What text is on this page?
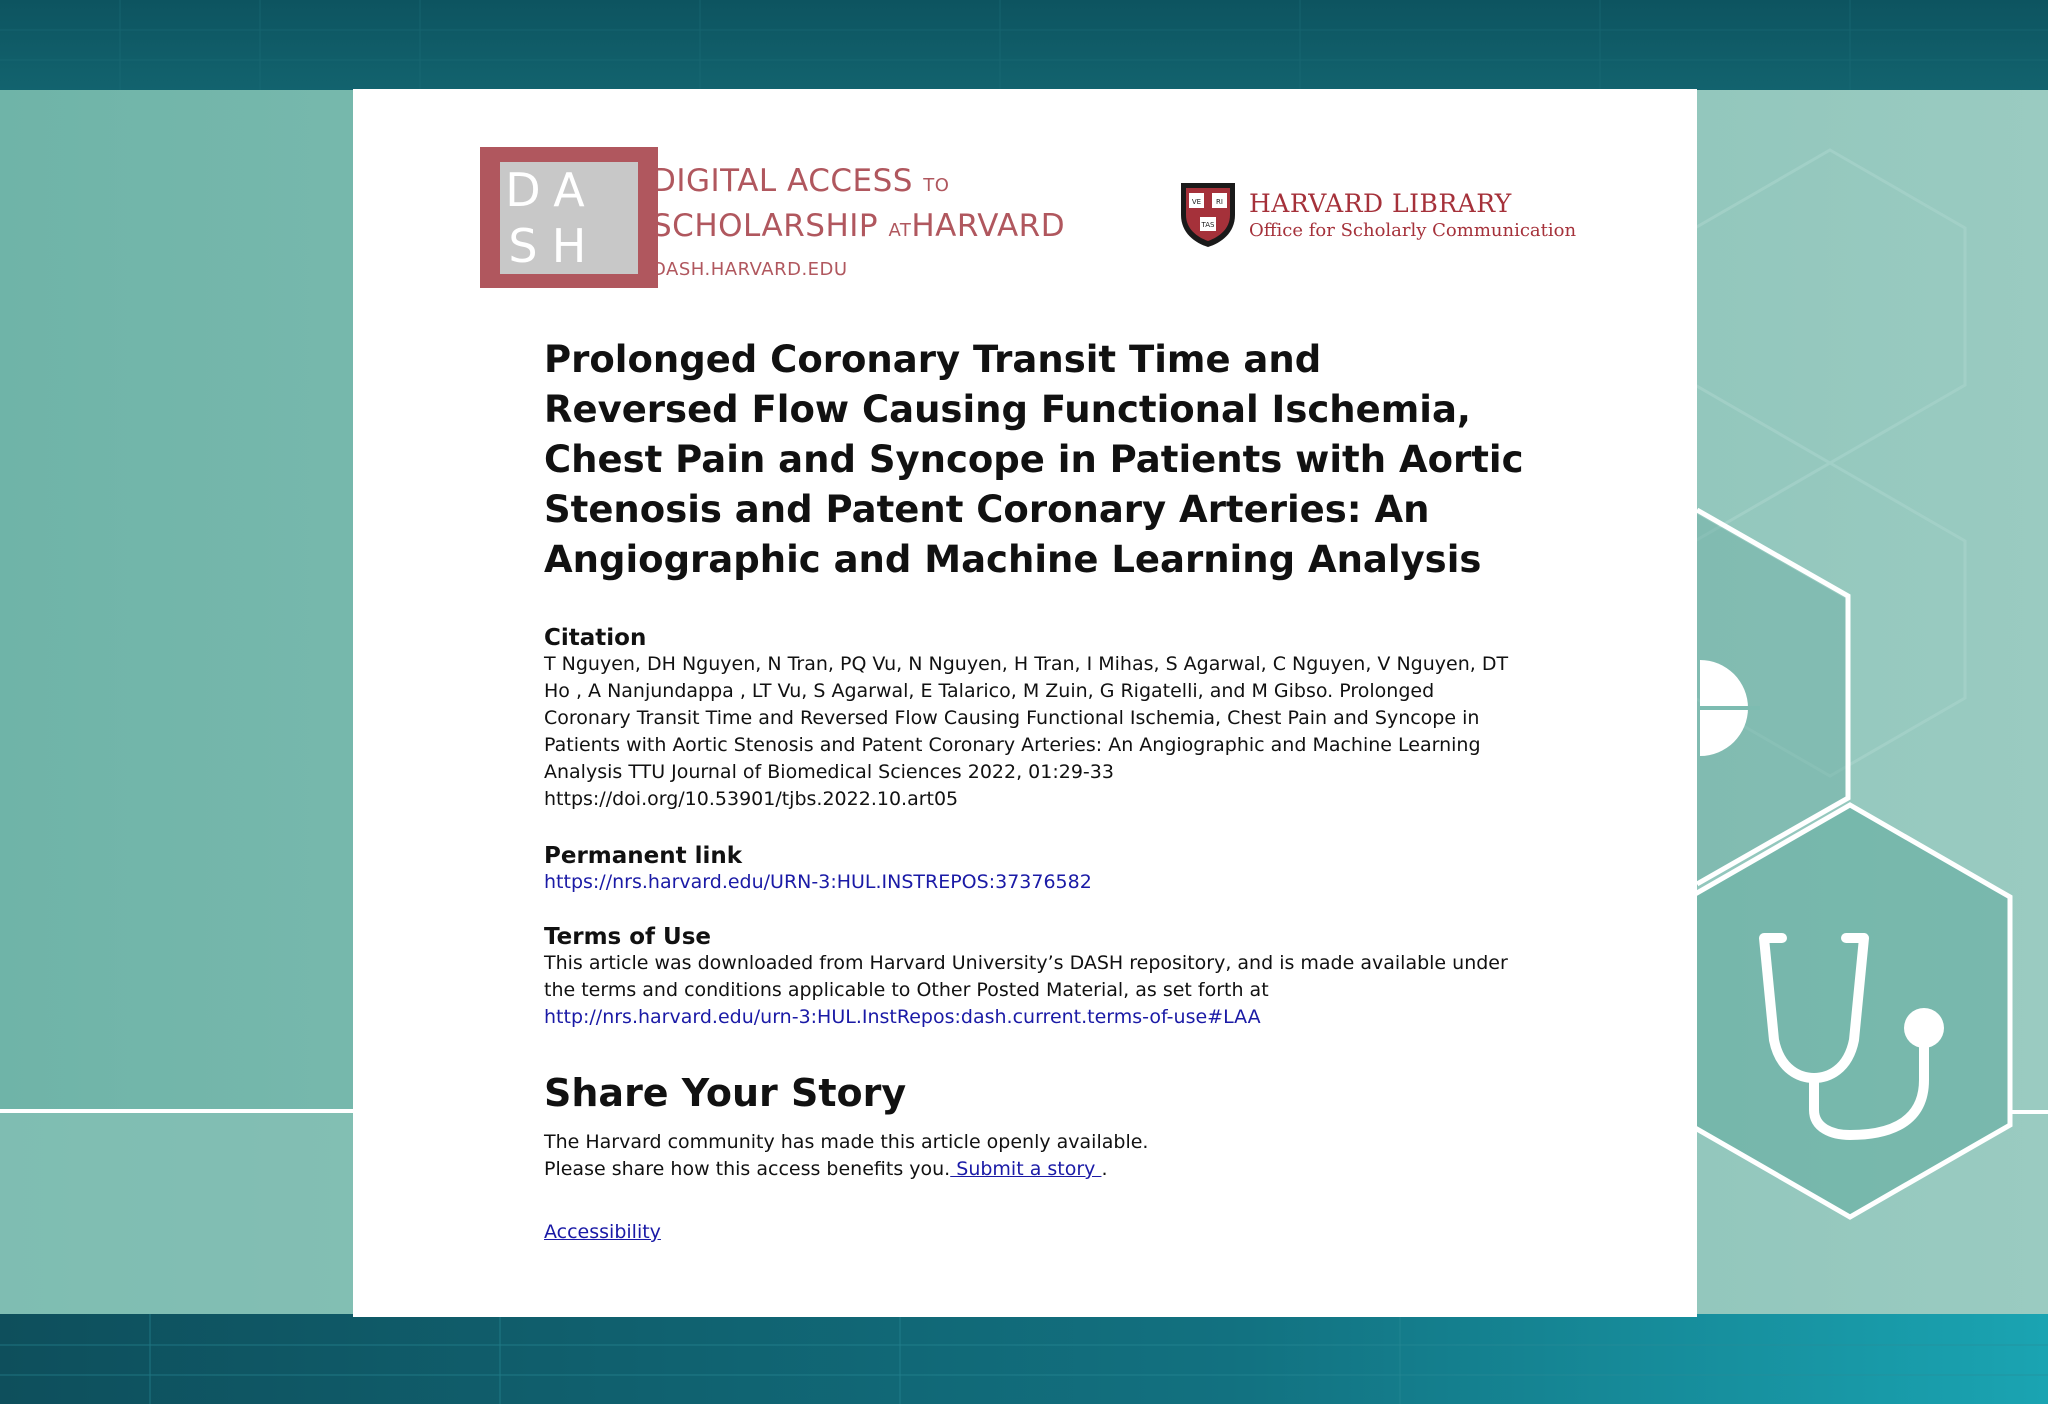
D A
S H
DIGITAL ACCESS TO
SCHOLARSHIP ATHARVARD
DASH.HARVARD.EDU
VE RI
TAS
HARVARD LIBRARY
Office for Scholarly Communication
Prolonged Coronary Transit Time and Reversed Flow Causing Functional Ischemia, Chest Pain and Syncope in Patients with Aortic Stenosis and Patent Coronary Arteries: An Angiographic and Machine Learning Analysis
Citation
T Nguyen, DH Nguyen, N Tran, PQ Vu, N Nguyen, H Tran, I Mihas, S Agarwal, C Nguyen, V Nguyen, DT Ho , A Nanjundappa , LT Vu, S Agarwal, E Talarico, M Zuin, G Rigatelli, and M Gibso. Prolonged Coronary Transit Time and Reversed Flow Causing Functional Ischemia, Chest Pain and Syncope in Patients with Aortic Stenosis and Patent Coronary Arteries: An Angiographic and Machine Learning Analysis TTU Journal of Biomedical Sciences 2022, 01:29-33 https://doi.org/10.53901/tjbs.2022.10.art05
Permanent link
https://nrs.harvard.edu/URN-3:HUL.INSTREPOS:37376582
Terms of Use
This article was downloaded from Harvard University’s DASH repository, and is made available under the terms and conditions applicable to Other Posted Material, as set forth at http://nrs.harvard.edu/urn-3:HUL.InstRepos:dash.current.terms-of-use#LAA
Share Your Story
The Harvard community has made this article openly available.
Please share how this access benefits you. Submit a story .
Accessibility
